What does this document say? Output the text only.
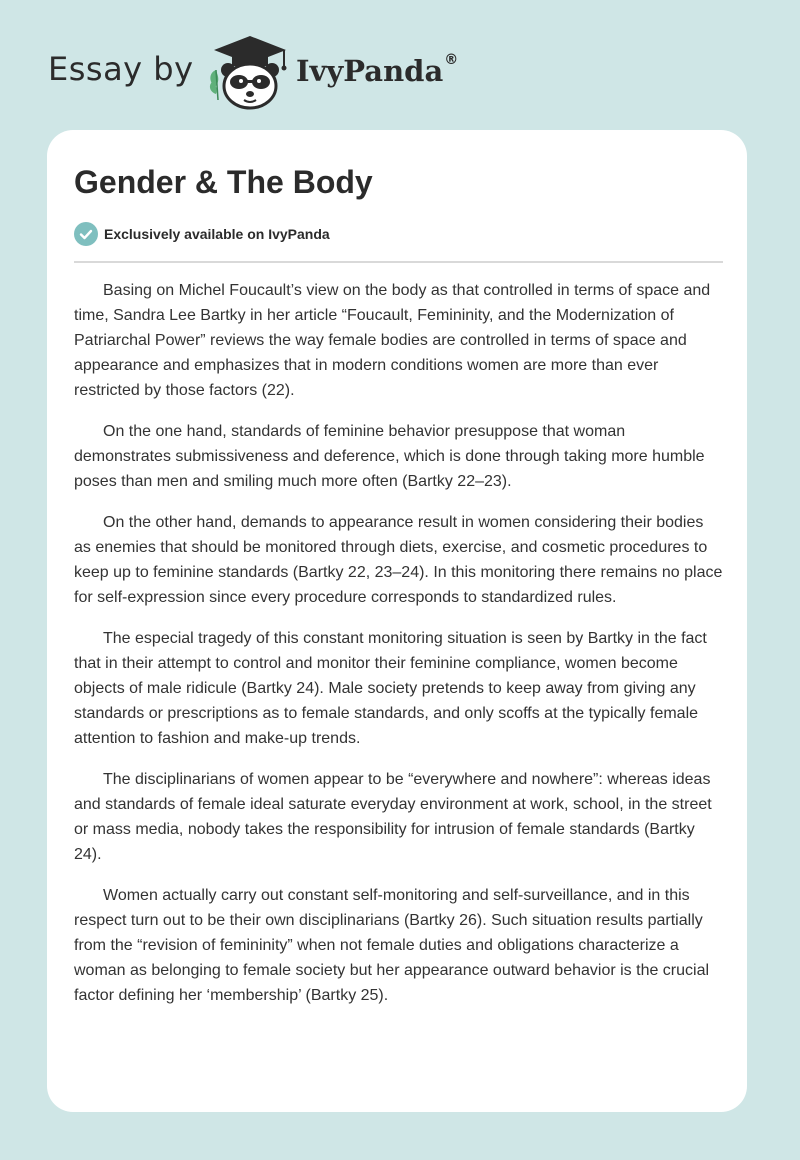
Essay by	IvyPanda®
Gender & The Body
Exclusively available on IvyPanda

Basing on Michel Foucault’s view on the body as that controlled in terms of space and time, Sandra Lee Bartky in her article “Foucault, Femininity, and the Modernization of Patriarchal Power” reviews the way female bodies are controlled in terms of space and appearance and emphasizes that in modern conditions women are more than ever restricted by those factors (22).

On the one hand, standards of feminine behavior presuppose that woman demonstrates submissiveness and deference, which is done through taking more humble poses than men and smiling much more often (Bartky 22–23).

On the other hand, demands to appearance result in women considering their bodies as enemies that should be monitored through diets, exercise, and cosmetic procedures to keep up to feminine standards (Bartky 22, 23–24). In this monitoring there remains no place for self-expression since every procedure corresponds to standardized rules.

The especial tragedy of this constant monitoring situation is seen by Bartky in the fact that in their attempt to control and monitor their feminine compliance, women become objects of male ridicule (Bartky 24). Male society pretends to keep away from giving any standards or prescriptions as to female standards, and only scoffs at the typically female attention to fashion and make-up trends.

The disciplinarians of women appear to be “everywhere and nowhere”: whereas ideas and standards of female ideal saturate everyday environment at work, school, in the street or mass media, nobody takes the responsibility for intrusion of female standards (Bartky 24).

Women actually carry out constant self-monitoring and self-surveillance, and in this respect turn out to be their own disciplinarians (Bartky 26). Such situation results partially from the “revision of femininity” when not female duties and obligations characterize a woman as belonging to female society but her appearance outward behavior is the crucial factor defining her ‘membership’ (Bartky 25).
